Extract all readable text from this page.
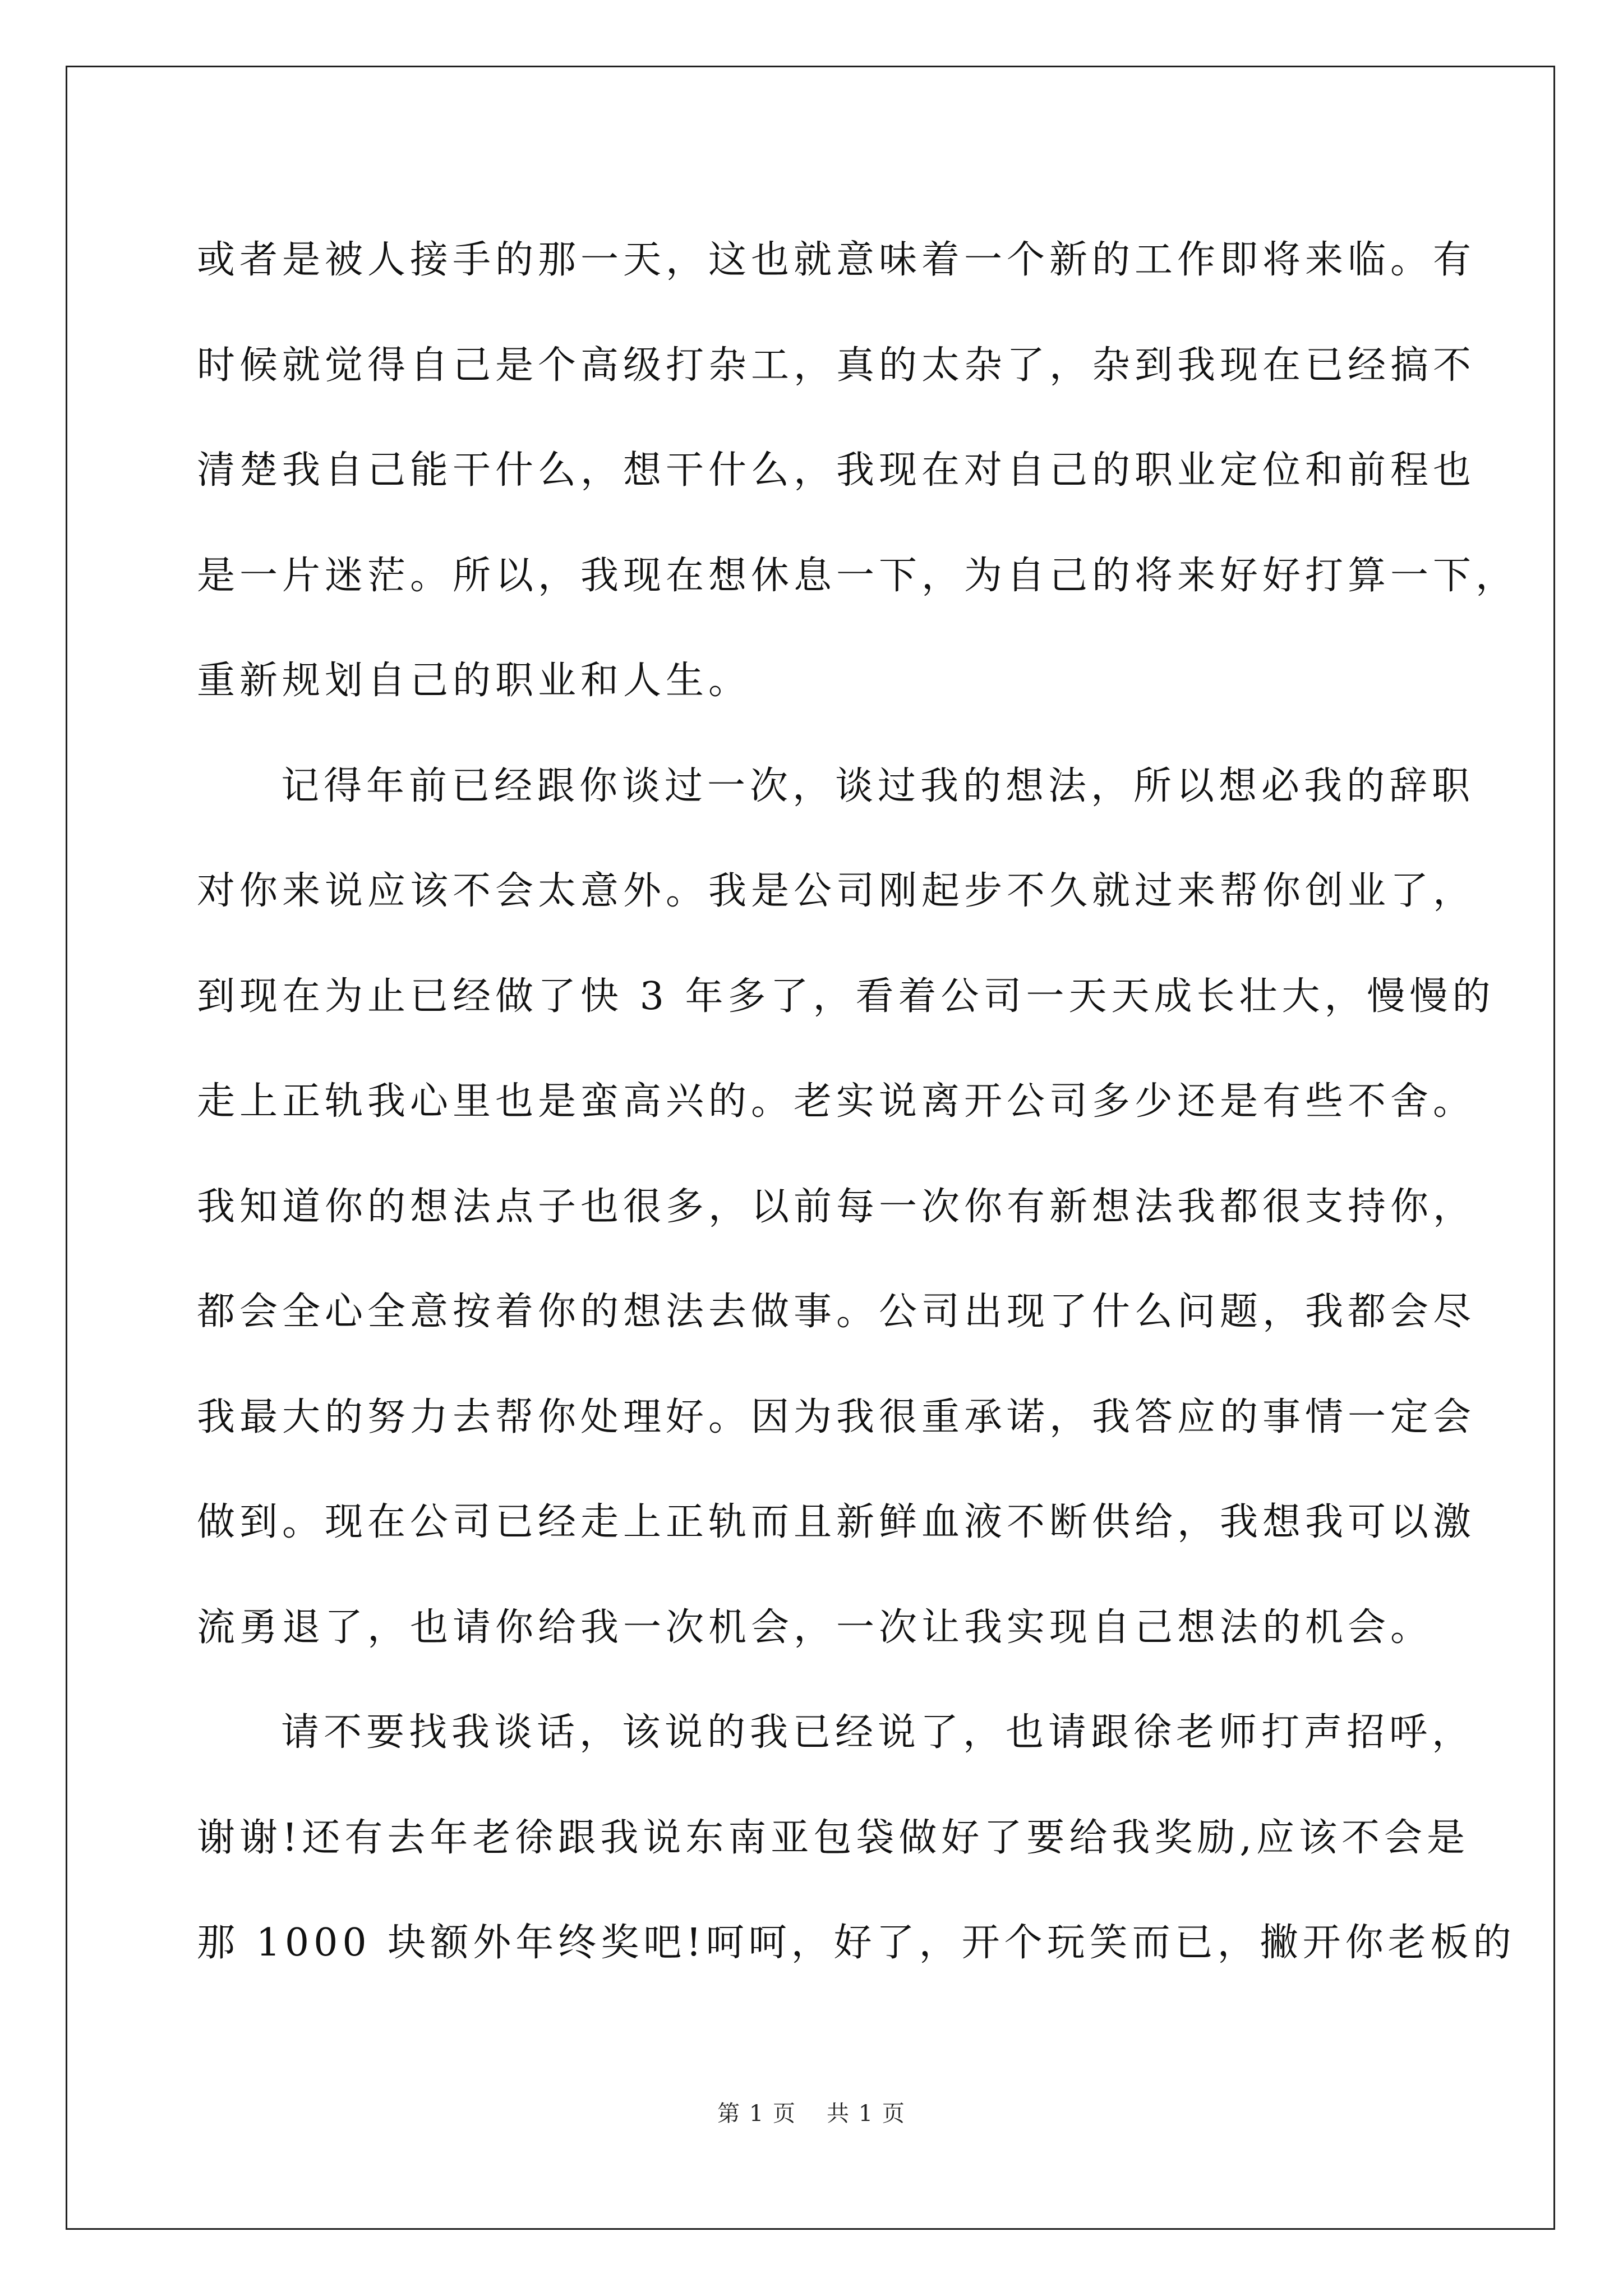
或者是被人接手的那一天，这也就意味着一个新的工作即将来临。有
时候就觉得自己是个高级打杂工，真的太杂了，杂到我现在已经搞不
清楚我自己能干什么，想干什么，我现在对自己的职业定位和前程也
是一片迷茫。所以，我现在想休息一下，为自己的将来好好打算一下，
重新规划自己的职业和人生。
记得年前已经跟你谈过一次，谈过我的想法，所以想必我的辞职
对你来说应该不会太意外。我是公司刚起步不久就过来帮你创业了，
到现在为止已经做了快 3 年多了，看着公司一天天成长壮大，慢慢的
走上正轨我心里也是蛮高兴的。老实说离开公司多少还是有些不舍。
我知道你的想法点子也很多，以前每一次你有新想法我都很支持你，
都会全心全意按着你的想法去做事。公司出现了什么问题，我都会尽
我最大的努力去帮你处理好。因为我很重承诺，我答应的事情一定会
做到。现在公司已经走上正轨而且新鲜血液不断供给，我想我可以激
流勇退了，也请你给我一次机会，一次让我实现自己想法的机会。
请不要找我谈话，该说的我已经说了，也请跟徐老师打声招呼，
谢谢!还有去年老徐跟我说东南亚包袋做好了要给我奖励,应该不会是
那 1000 块额外年终奖吧!呵呵，好了，开个玩笑而已，撇开你老板的
第 1 页 共 1 页
